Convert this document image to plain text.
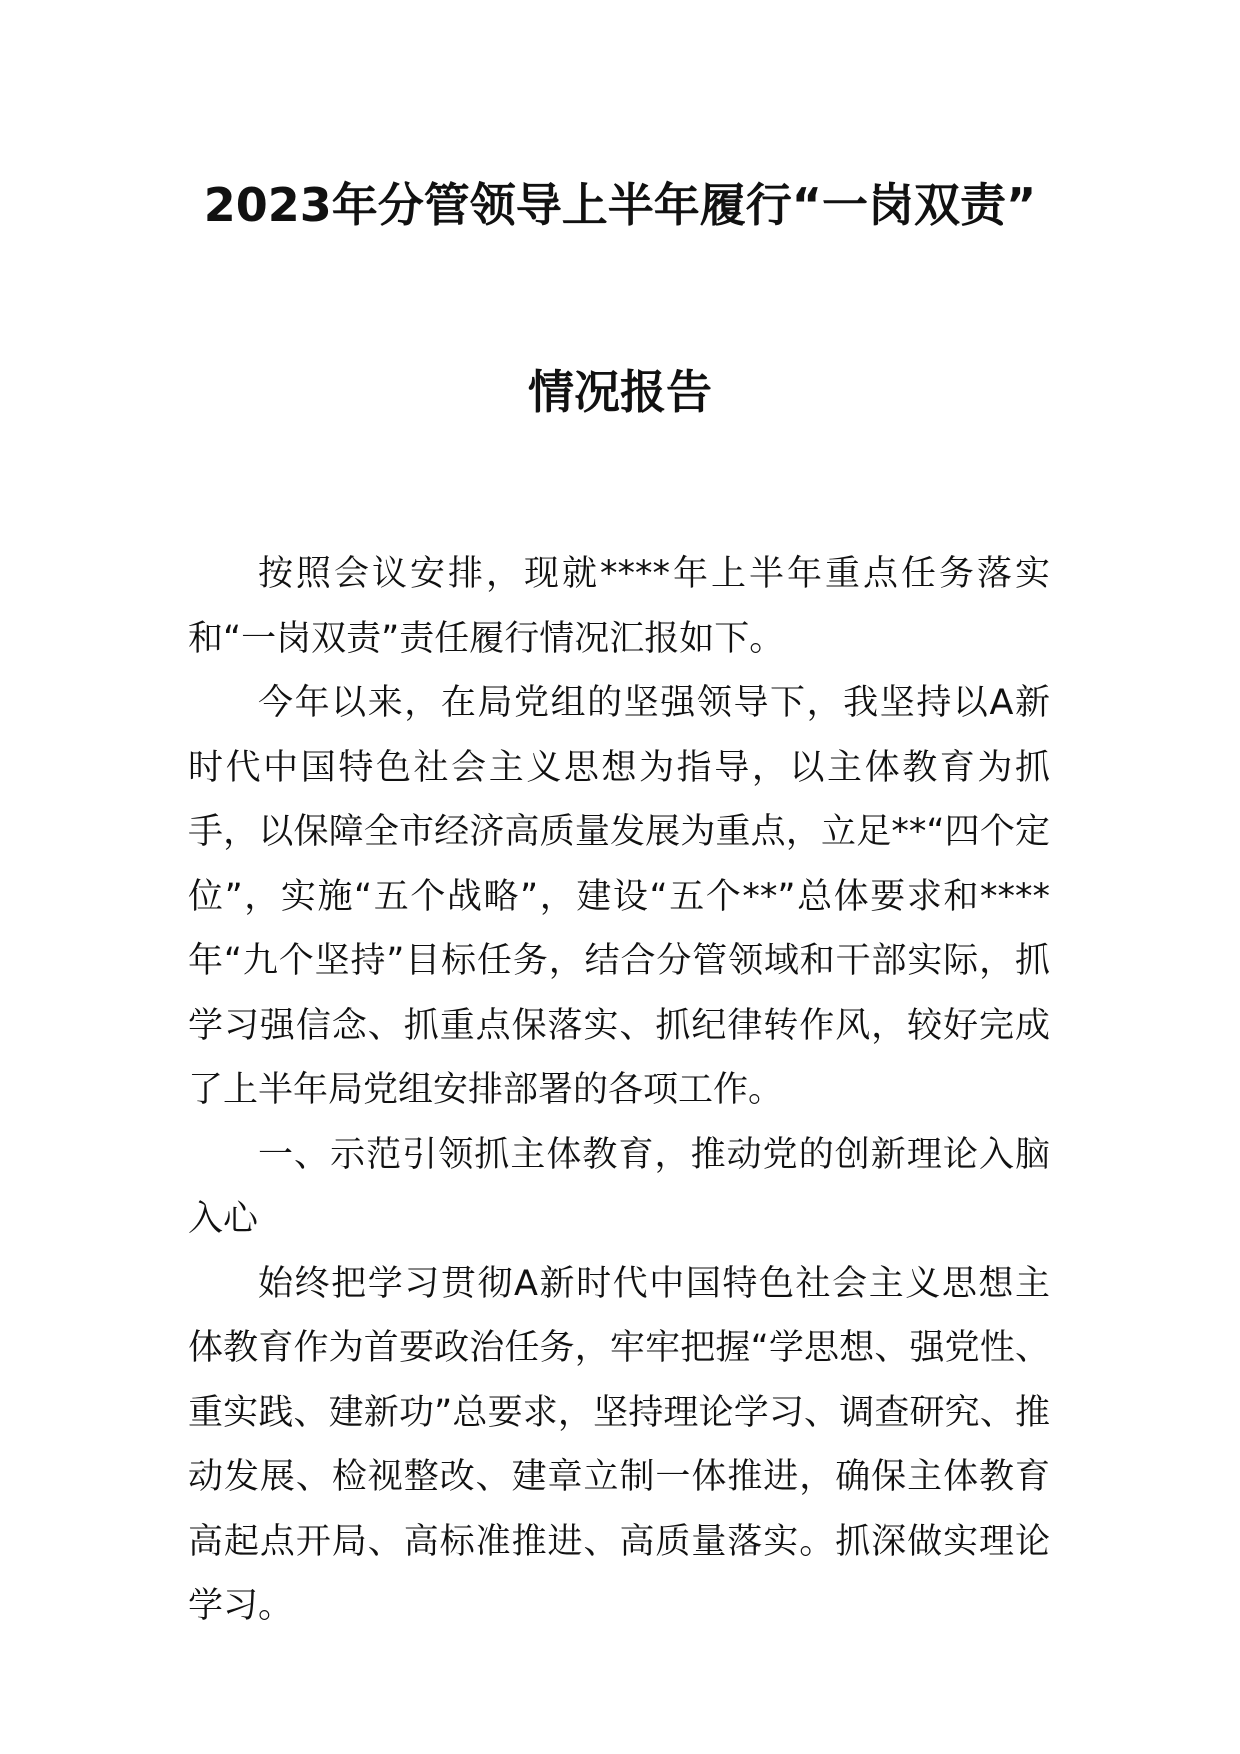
2023年分管领导上半年履行“一岗双责”
情况报告

按照会议安排，现就****年上半年重点任务落实和“一岗双责”责任履行情况汇报如下。

今年以来，在局党组的坚强领导下，我坚持以A新时代中国特色社会主义思想为指导，以主体教育为抓手，以保障全市经济高质量发展为重点，立足**“四个定位”，实施“五个战略”，建设“五个**”总体要求和****年“九个坚持”目标任务，结合分管领域和干部实际，抓学习强信念、抓重点保落实、抓纪律转作风，较好完成了上半年局党组安排部署的各项工作。

一、示范引领抓主体教育，推动党的创新理论入脑入心

始终把学习贯彻A新时代中国特色社会主义思想主体教育作为首要政治任务，牢牢把握“学思想、强党性、重实践、建新功”总要求，坚持理论学习、调查研究、推动发展、检视整改、建章立制一体推进，确保主体教育高起点开局、高标准推进、高质量落实。抓深做实理论学习。
